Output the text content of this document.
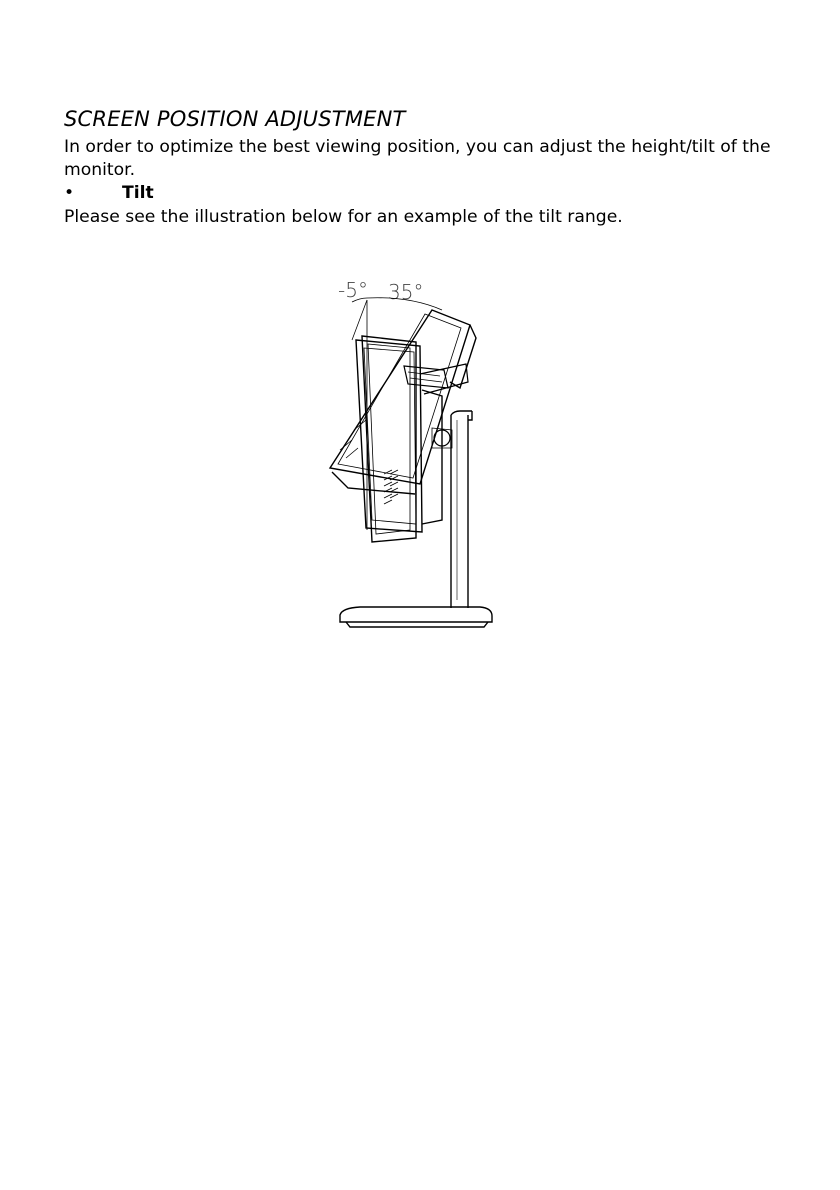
SCREEN POSITION ADJUSTMENT

In order to optimize the best viewing position, you can adjust the height/tilt of the monitor.

•	Tilt

Please see the illustration below for an example of the tilt range.

-5° 35°
